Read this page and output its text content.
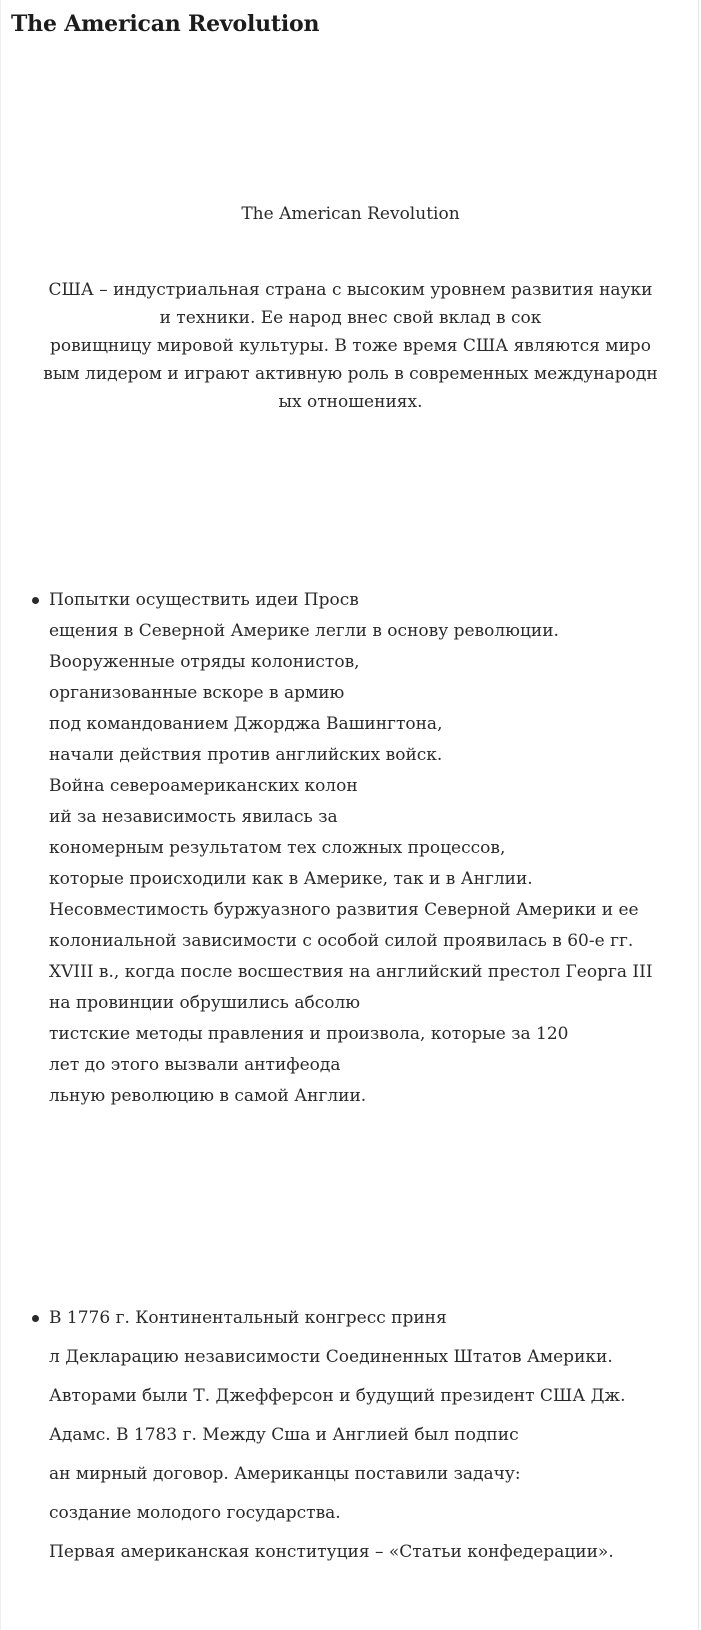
The American Revolution
The American Revolution
США – индустриальная страна с высоким уровнем развития науки
и техники. Ее народ внес свой вклад в сок
ровищницу мировой культуры. В тоже время США являются миро
вым лидером и играют активную роль в современных международн
ых отношениях.
Попытки осуществить идеи Просв
ещения в Северной Америке легли в основу революции.
Вооруженные отряды колонистов,
организованные вскоре в армию
под командованием Джорджа Вашингтона,
начали действия против английских войск.
Война североамериканских колон
ий за независимость явилась за
кономерным результатом тех сложных процессов,
которые происходили как в Америке, так и в Англии.
Несовместимость буржуазного развития Северной Америки и ее
колониальной зависимости с особой силой проявилась в 60-е гг.
XVIII в., когда после восшествия на английский престол Георга III
на провинции обрушились абсолю
тистские методы правления и произвола, которые за 120
лет до этого вызвали антифеода
льную революцию в самой Англии.
В 1776 г. Континентальный конгресс приня
л Декларацию независимости Соединенных Штатов Америки.
Авторами были Т. Джефферсон и будущий президент США Дж.
Адамс. В 1783 г. Между Сша и Англией был подпис
ан мирный договор. Американцы поставили задачу:
создание молодого государства.
Первая американская конституция – «Статьи конфедерации».
